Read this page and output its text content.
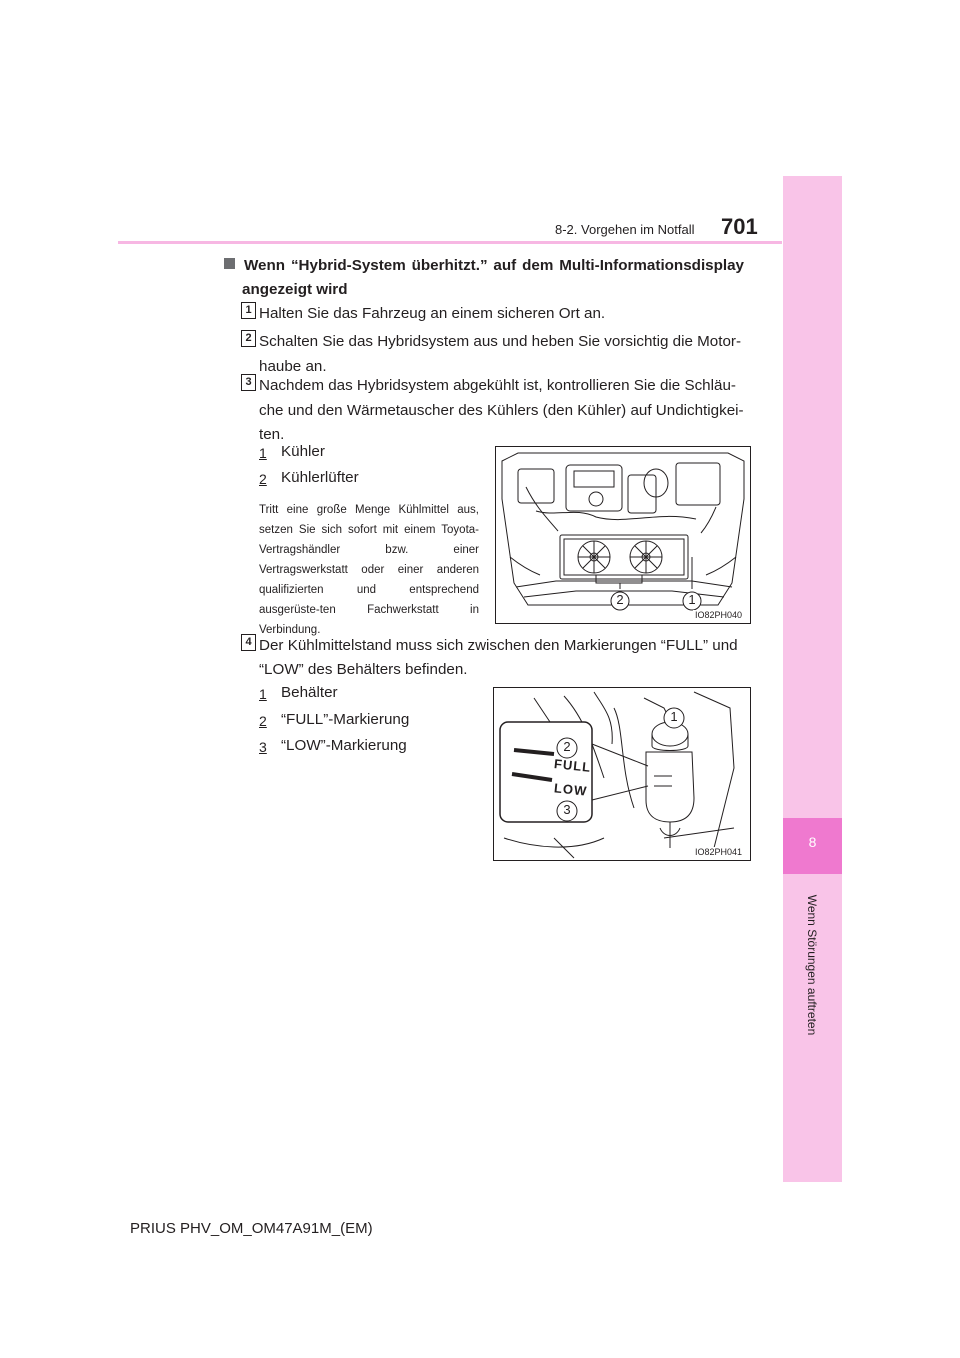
8
Wenn Störungen auftreten
8-2. Vorgehen im Notfall 701
Wenn “Hybrid-System überhitzt.” auf dem Multi-Informationsdisplay
angezeigt wird
1 Halten Sie das Fahrzeug an einem sicheren Ort an.
2 Schalten Sie das Hybridsystem aus und heben Sie vorsichtig die Motor-
haube an.
3 Nachdem das Hybridsystem abgekühlt ist, kontrollieren Sie die Schläu-
che und den Wärmetauscher des Kühlers (den Kühler) auf Undichtigkei-
ten.
1 Kühler
2 Kühlerlüfter
Tritt eine große Menge Kühlmittel aus, setzen Sie sich sofort mit einem Toyota-Vertragshändler bzw. einer Vertragswerkstatt oder einer anderen qualifizierten und entsprechend ausgerüste-ten Fachwerkstatt in Verbindung.
2	1
IO82PH040
4 Der Kühlmittelstand muss sich zwischen den Markierungen “FULL” und
“LOW” des Behälters befinden.
1 Behälter
2 “FULL”-Markierung
3 “LOW”-Markierung
1
2
3
FULL
LOW
IO82PH041
PRIUS PHV_OM_OM47A91M_(EM)
